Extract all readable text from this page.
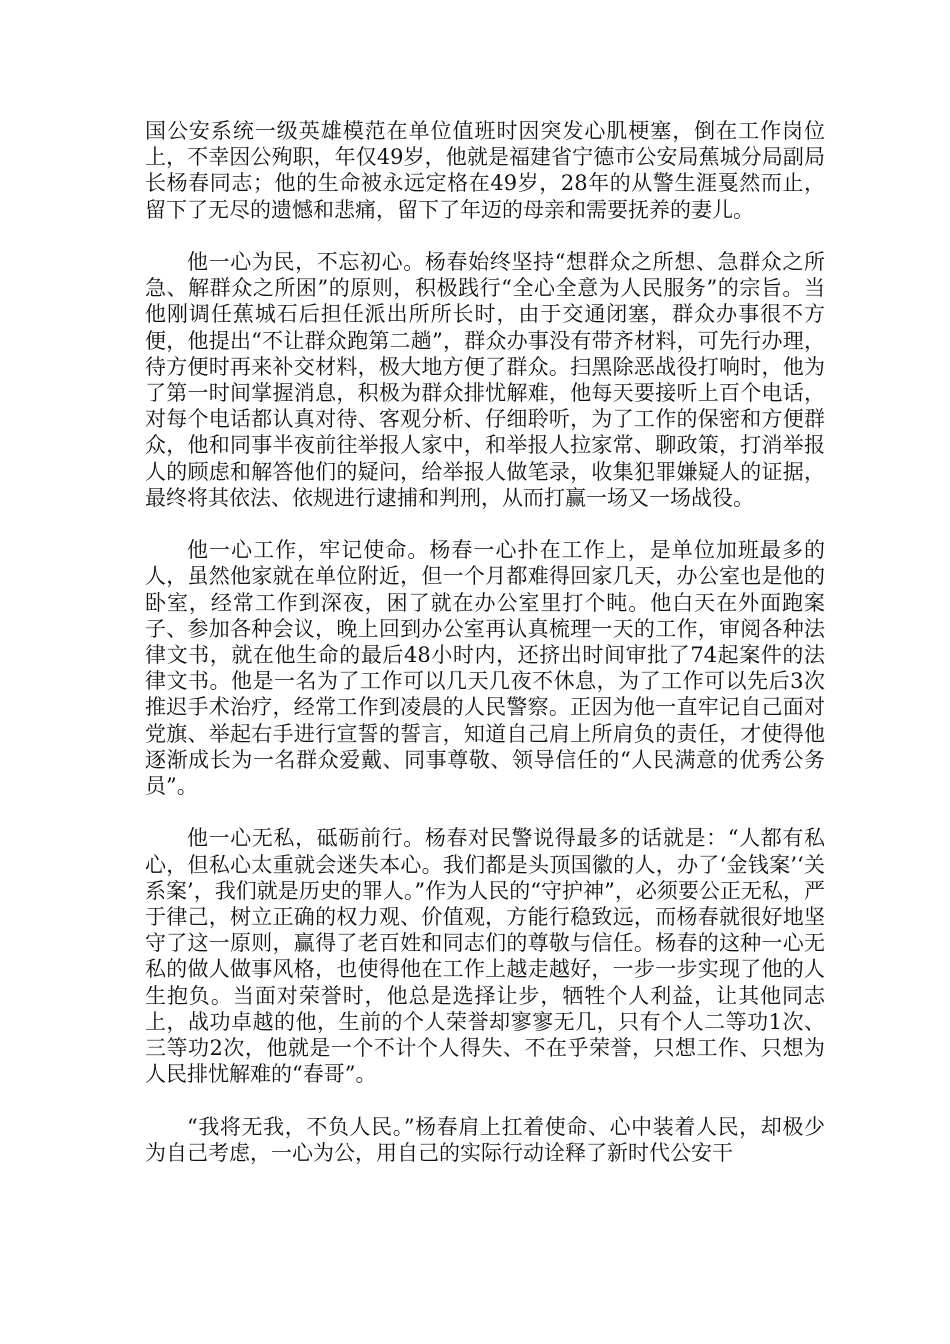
国公安系统一级英雄模范在单位值班时因突发心肌梗塞，倒在工作岗位上，不幸因公殉职，年仅49岁，他就是福建省宁德市公安局蕉城分局副局长杨春同志；他的生命被永远定格在49岁，28年的从警生涯戛然而止，留下了无尽的遗憾和悲痛，留下了年迈的母亲和需要抚养的妻儿。

他一心为民，不忘初心。杨春始终坚持“想群众之所想、急群众之所急、解群众之所困”的原则，积极践行“全心全意为人民服务”的宗旨。当他刚调任蕉城石后担任派出所所长时，由于交通闭塞，群众办事很不方便，他提出“不让群众跑第二趟”，群众办事没有带齐材料，可先行办理，待方便时再来补交材料，极大地方便了群众。扫黑除恶战役打响时，他为了第一时间掌握消息，积极为群众排忧解难，他每天要接听上百个电话，对每个电话都认真对待、客观分析、仔细聆听，为了工作的保密和方便群众，他和同事半夜前往举报人家中，和举报人拉家常、聊政策，打消举报人的顾虑和解答他们的疑问，给举报人做笔录，收集犯罪嫌疑人的证据，最终将其依法、依规进行逮捕和判刑，从而打赢一场又一场战役。

他一心工作，牢记使命。杨春一心扑在工作上，是单位加班最多的人，虽然他家就在单位附近，但一个月都难得回家几天，办公室也是他的卧室，经常工作到深夜，困了就在办公室里打个盹。他白天在外面跑案子、参加各种会议，晚上回到办公室再认真梳理一天的工作，审阅各种法律文书，就在他生命的最后48小时内，还挤出时间审批了74起案件的法律文书。他是一名为了工作可以几天几夜不休息，为了工作可以先后3次推迟手术治疗，经常工作到凌晨的人民警察。正因为他一直牢记自己面对党旗、举起右手进行宣誓的誓言，知道自己肩上所肩负的责任，才使得他逐渐成长为一名群众爱戴、同事尊敬、领导信任的“人民满意的优秀公务员”。

他一心无私，砥砺前行。杨春对民警说得最多的话就是：“人都有私心，但私心太重就会迷失本心。我们都是头顶国徽的人，办了‘金钱案’‘关系案’，我们就是历史的罪人。”作为人民的“守护神”，必须要公正无私，严于律己，树立正确的权力观、价值观，方能行稳致远，而杨春就很好地坚守了这一原则，赢得了老百姓和同志们的尊敬与信任。杨春的这种一心无私的做人做事风格，也使得他在工作上越走越好，一步一步实现了他的人生抱负。当面对荣誉时，他总是选择让步，牺牲个人利益，让其他同志上，战功卓越的他，生前的个人荣誉却寥寥无几，只有个人二等功1次、三等功2次，他就是一个不计个人得失、不在乎荣誉，只想工作、只想为人民排忧解难的“春哥”。

“我将无我，不负人民。”杨春肩上扛着使命、心中装着人民，却极少为自己考虑，一心为公，用自己的实际行动诠释了新时代公安干
